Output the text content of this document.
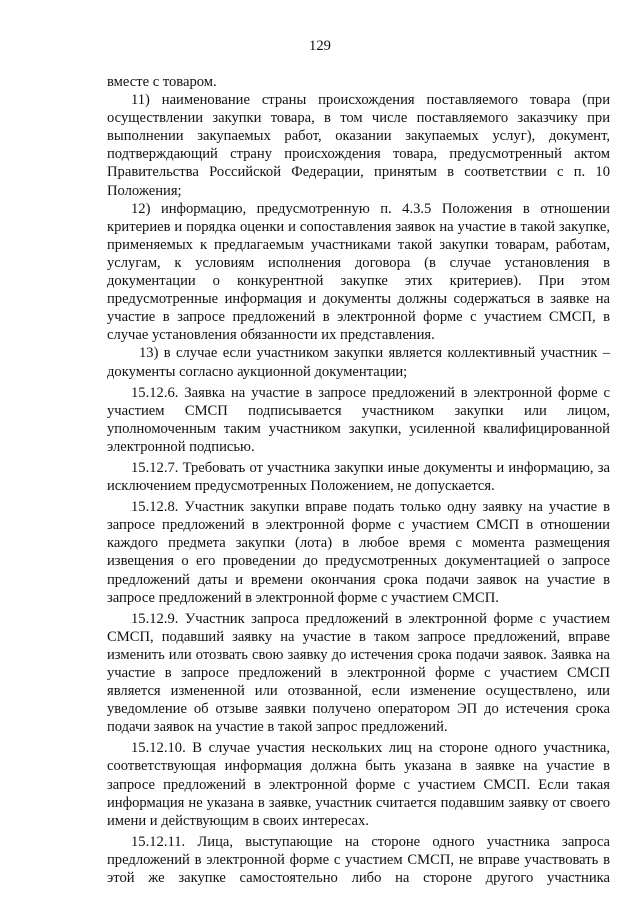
129

вместе с товаром.

11) наименование страны происхождения поставляемого товара (при осуществлении закупки товара, в том числе поставляемого заказчику при выполнении закупаемых работ, оказании закупаемых услуг), документ, подтверждающий страну происхождения товара, предусмотренный актом Правительства Российской Федерации, принятым в соответствии с п. 10 Положения;

12) информацию, предусмотренную п. 4.3.5 Положения в отношении критериев и порядка оценки и сопоставления заявок на участие в такой закупке, применяемых к предлагаемым участниками такой закупки товарам, работам, услугам, к условиям исполнения договора (в случае установления в документации о конкурентной закупке этих критериев). При этом предусмотренные информация и документы должны содержаться в заявке на участие в запросе предложений в электронной форме с участием СМСП, в случае установления обязанности их представления.

13) в случае если участником закупки является коллективный участник – документы согласно аукционной документации;

15.12.6. Заявка на участие в запросе предложений в электронной форме с участием СМСП подписывается участником закупки или лицом, уполномоченным таким участником закупки, усиленной квалифицированной электронной подписью.

15.12.7. Требовать от участника закупки иные документы и информацию, за исключением предусмотренных Положением, не допускается.

15.12.8. Участник закупки вправе подать только одну заявку на участие в запросе предложений в электронной форме с участием СМСП в отношении каждого предмета закупки (лота) в любое время с момента размещения извещения о его проведении до предусмотренных документацией о запросе предложений даты и времени окончания срока подачи заявок на участие в запросе предложений в электронной форме с участием СМСП.

15.12.9. Участник запроса предложений в электронной форме с участием СМСП, подавший заявку на участие в таком запросе предложений, вправе изменить или отозвать свою заявку до истечения срока подачи заявок. Заявка на участие в запросе предложений в электронной форме с участием СМСП является измененной или отозванной, если изменение осуществлено, или уведомление об отзыве заявки получено оператором ЭП до истечения срока подачи заявок на участие в такой запрос предложений.

15.12.10. В случае участия нескольких лиц на стороне одного участника, соответствующая информация должна быть указана в заявке на участие в запросе предложений в электронной форме с участием СМСП. Если такая информация не указана в заявке, участник считается подавшим заявку от своего имени и действующим в своих интересах.

15.12.11. Лица, выступающие на стороне одного участника запроса предложений в электронной форме с участием СМСП, не вправе участвовать в этой же закупке самостоятельно либо на стороне другого участника
